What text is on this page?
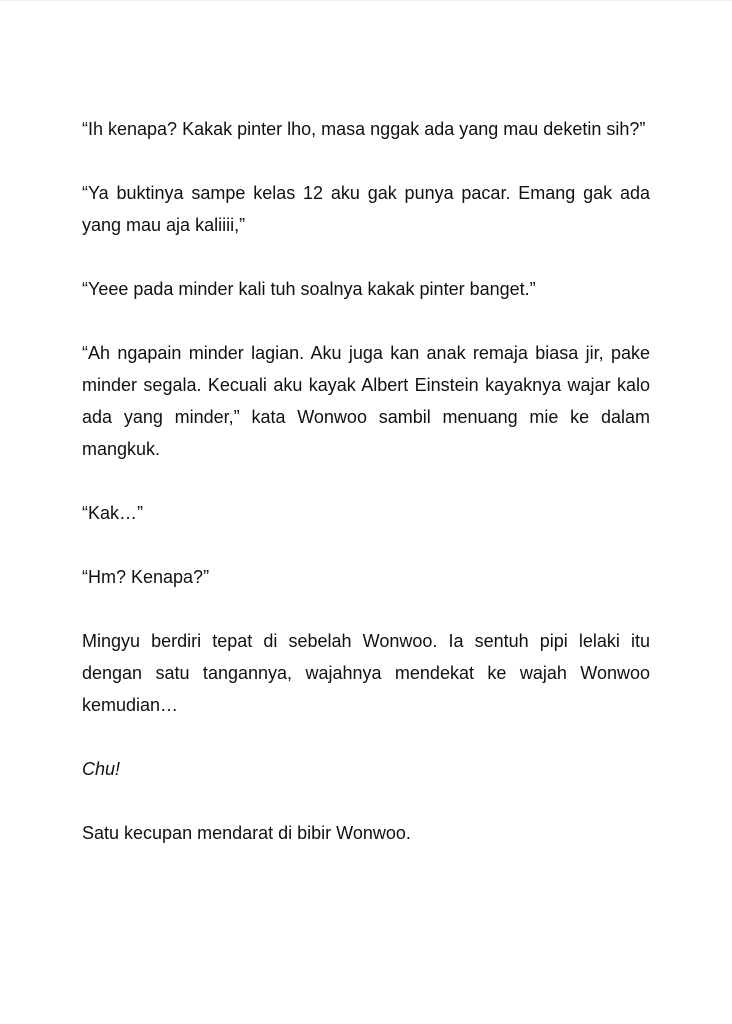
“Ih kenapa? Kakak pinter lho, masa nggak ada yang mau deketin sih?”

“Ya buktinya sampe kelas 12 aku gak punya pacar. Emang gak ada yang mau aja kaliiii,”

“Yeee pada minder kali tuh soalnya kakak pinter banget.”

“Ah ngapain minder lagian. Aku juga kan anak remaja biasa jir, pake minder segala. Kecuali aku kayak Albert Einstein kayaknya wajar kalo ada yang minder,” kata Wonwoo sambil menuang mie ke dalam mangkuk.

“Kak…”

“Hm? Kenapa?”

Mingyu berdiri tepat di sebelah Wonwoo. Ia sentuh pipi lelaki itu dengan satu tangannya, wajahnya mendekat ke wajah Wonwoo kemudian…

Chu!

Satu kecupan mendarat di bibir Wonwoo.
